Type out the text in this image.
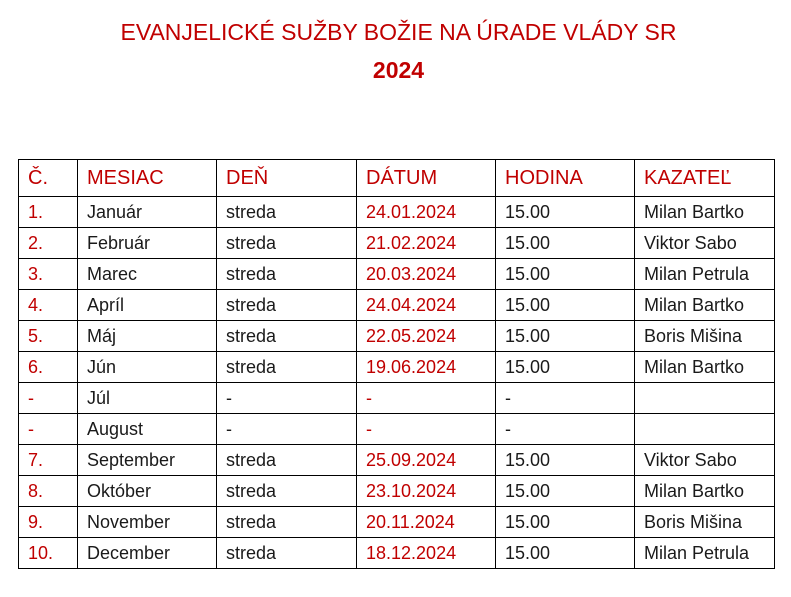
EVANJELICKÉ SUŽBY BOŽIE NA ÚRADE VLÁDY SR
2024
Č.	MESIAC	DEŇ	DÁTUM	HODINA	KAZATEĽ
1.	Január	streda	24.01.2024	15.00	Milan Bartko
2.	Február	streda	21.02.2024	15.00	Viktor Sabo
3.	Marec	streda	20.03.2024	15.00	Milan Petrula
4.	Apríl	streda	24.04.2024	15.00	Milan Bartko
5.	Máj	streda	22.05.2024	15.00	Boris Mišina
6.	Jún	streda	19.06.2024	15.00	Milan Bartko
-	Júl	-	-	-	
-	August	-	-	-	
7.	September	streda	25.09.2024	15.00	Viktor Sabo
8.	Október	streda	23.10.2024	15.00	Milan Bartko
9.	November	streda	20.11.2024	15.00	Boris Mišina
10.	December	streda	18.12.2024	15.00	Milan Petrula
